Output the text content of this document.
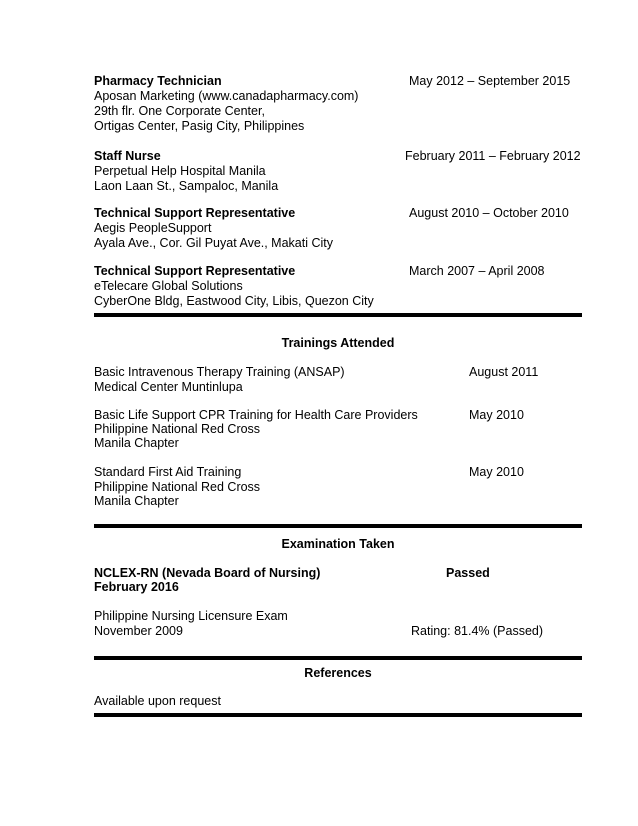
Pharmacy Technician	May 2012 – September 2015
Aposan Marketing (www.canadapharmacy.com)
29th flr. One Corporate Center,
Ortigas Center, Pasig City, Philippines
Staff Nurse	February 2011 – February 2012
Perpetual Help Hospital Manila
Laon Laan St., Sampaloc, Manila
Technical Support Representative	August 2010 – October 2010
Aegis PeopleSupport
Ayala Ave., Cor. Gil Puyat Ave., Makati City
Technical Support Representative	March 2007 – April 2008
eTelecare Global Solutions
CyberOne Bldg, Eastwood City, Libis, Quezon City
Trainings Attended
Basic Intravenous Therapy Training (ANSAP)	August 2011
Medical Center Muntinlupa
Basic Life Support CPR Training for Health Care Providers	May 2010
Philippine National Red Cross
Manila Chapter
Standard First Aid Training	May 2010
Philippine National Red Cross
Manila Chapter
Examination Taken
NCLEX-RN (Nevada Board of Nursing)	Passed
February 2016
Philippine Nursing Licensure Exam
November 2009	Rating: 81.4% (Passed)
References
Available upon request
